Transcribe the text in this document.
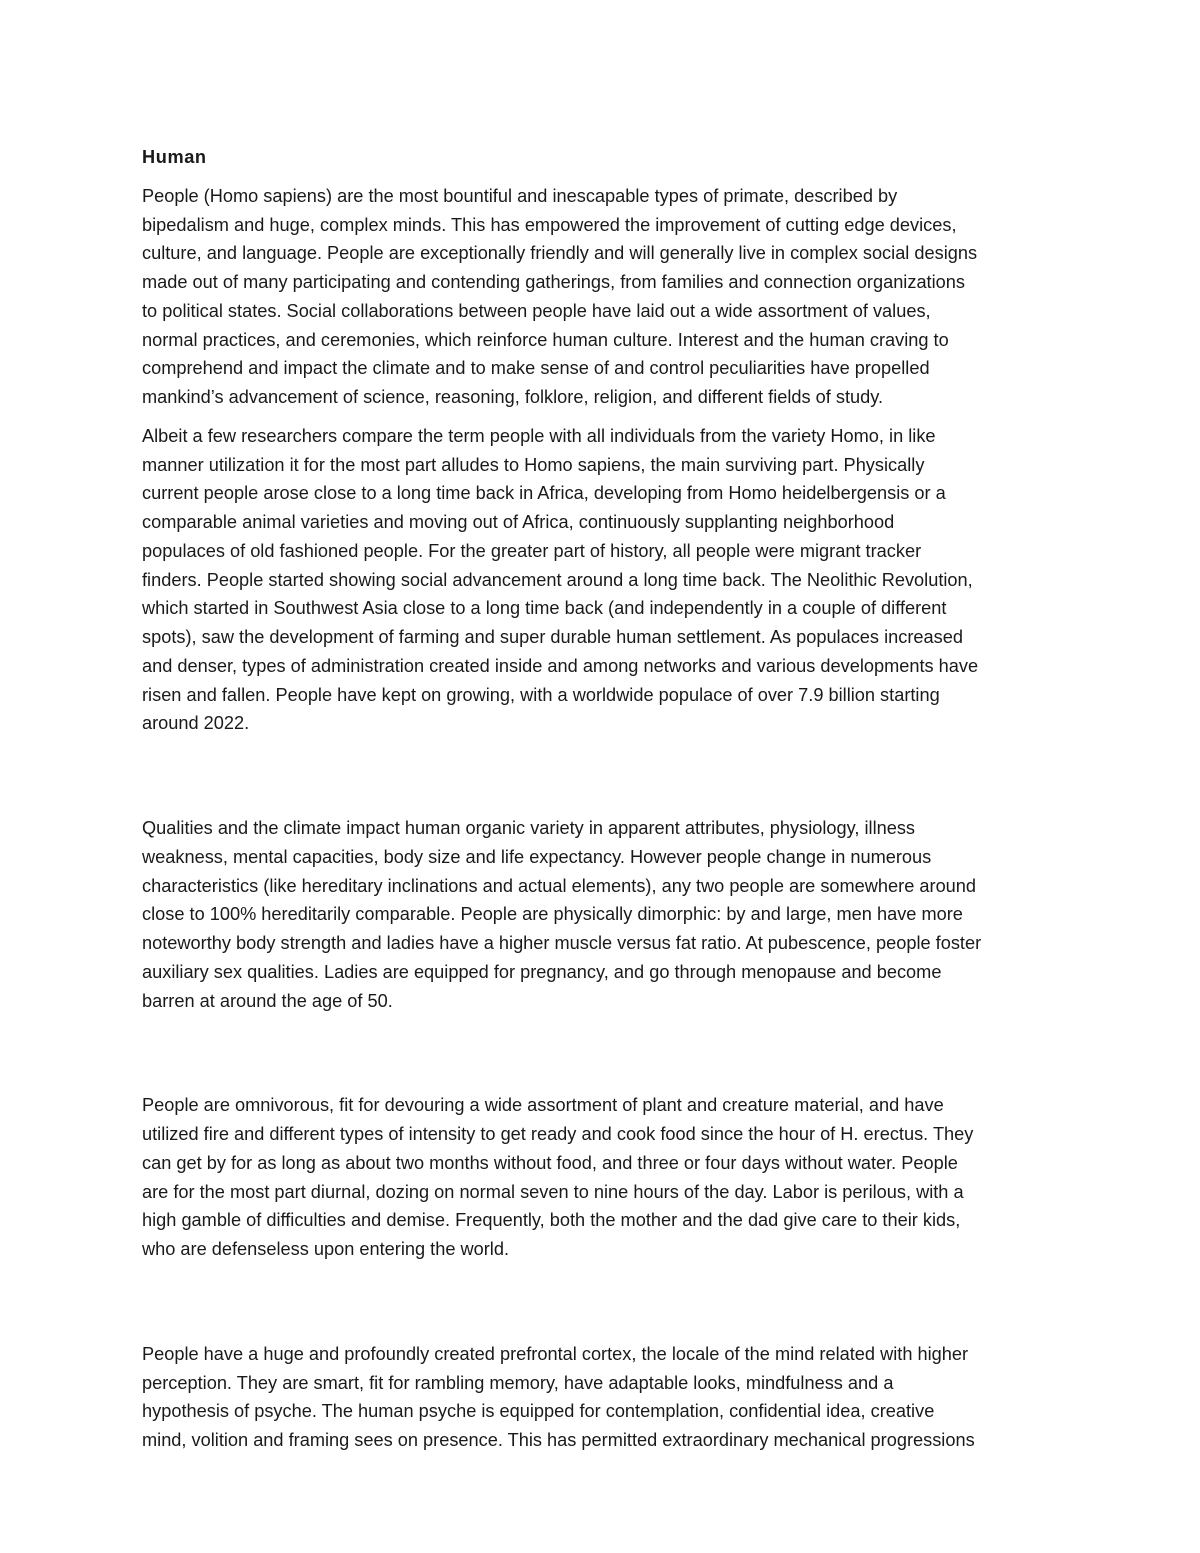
Human

People (Homo sapiens) are the most bountiful and inescapable types of primate, described by
bipedalism and huge, complex minds. This has empowered the improvement of cutting edge devices,
culture, and language. People are exceptionally friendly and will generally live in complex social designs
made out of many participating and contending gatherings, from families and connection organizations
to political states. Social collaborations between people have laid out a wide assortment of values,
normal practices, and ceremonies, which reinforce human culture. Interest and the human craving to
comprehend and impact the climate and to make sense of and control peculiarities have propelled
mankind’s advancement of science, reasoning, folklore, religion, and different fields of study.

Albeit a few researchers compare the term people with all individuals from the variety Homo, in like
manner utilization it for the most part alludes to Homo sapiens, the main surviving part. Physically
current people arose close to a long time back in Africa, developing from Homo heidelbergensis or a
comparable animal varieties and moving out of Africa, continuously supplanting neighborhood
populaces of old fashioned people. For the greater part of history, all people were migrant tracker
finders. People started showing social advancement around a long time back. The Neolithic Revolution,
which started in Southwest Asia close to a long time back (and independently in a couple of different
spots), saw the development of farming and super durable human settlement. As populaces increased
and denser, types of administration created inside and among networks and various developments have
risen and fallen. People have kept on growing, with a worldwide populace of over 7.9 billion starting
around 2022.

Qualities and the climate impact human organic variety in apparent attributes, physiology, illness
weakness, mental capacities, body size and life expectancy. However people change in numerous
characteristics (like hereditary inclinations and actual elements), any two people are somewhere around
close to 100% hereditarily comparable. People are physically dimorphic: by and large, men have more
noteworthy body strength and ladies have a higher muscle versus fat ratio. At pubescence, people foster
auxiliary sex qualities. Ladies are equipped for pregnancy, and go through menopause and become
barren at around the age of 50.

People are omnivorous, fit for devouring a wide assortment of plant and creature material, and have
utilized fire and different types of intensity to get ready and cook food since the hour of H. erectus. They
can get by for as long as about two months without food, and three or four days without water. People
are for the most part diurnal, dozing on normal seven to nine hours of the day. Labor is perilous, with a
high gamble of difficulties and demise. Frequently, both the mother and the dad give care to their kids,
who are defenseless upon entering the world.

People have a huge and profoundly created prefrontal cortex, the locale of the mind related with higher
perception. They are smart, fit for rambling memory, have adaptable looks, mindfulness and a
hypothesis of psyche. The human psyche is equipped for contemplation, confidential idea, creative
mind, volition and framing sees on presence. This has permitted extraordinary mechanical progressions
